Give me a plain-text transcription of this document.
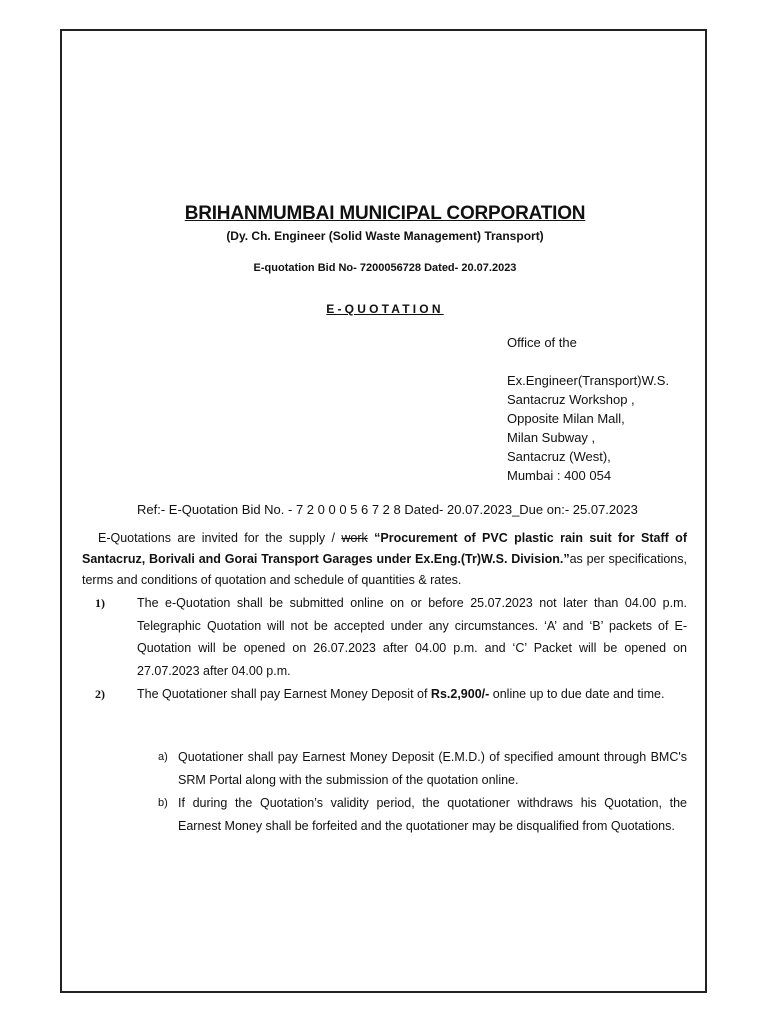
BRIHANMUMBAI MUNICIPAL CORPORATION
(Dy. Ch. Engineer (Solid Waste Management) Transport)
E-quotation Bid No- 7200056728 Dated- 20.07.2023
E-QUOTATION
Office of the
Ex.Engineer(Transport)W.S.
Santacruz Workshop ,
Opposite Milan Mall,
Milan Subway ,
Santacruz (West),
Mumbai : 400 054
Ref:- E-Quotation Bid No. - 7 2 0 0 0 5 6 7 2 8 Dated- 20.07.2023_Due on:- 25.07.2023
E-Quotations are invited for the supply / work “Procurement of PVC plastic rain suit for Staff of Santacruz, Borivali and Gorai Transport Garages under Ex.Eng.(Tr)W.S. Division.”as per specifications, terms and conditions of quotation and schedule of quantities & rates.
1)	The e-Quotation shall be submitted online on or before 25.07.2023 not later than 04.00 p.m. Telegraphic Quotation will not be accepted under any circumstances. ‘A’ and ‘B’ packets of E-Quotation will be opened on 26.07.2023 after 04.00 p.m. and ‘C’ Packet will be opened on 27.07.2023 after 04.00 p.m.
2)	The Quotationer shall pay Earnest Money Deposit of Rs.2,900/- online up to due date and time.
a) Quotationer shall pay Earnest Money Deposit (E.M.D.) of specified amount through BMC's SRM Portal along with the submission of the quotation online.
b) If during the Quotation’s validity period, the quotationer withdraws his Quotation, the Earnest Money shall be forfeited and the quotationer may be disqualified from Quotations.
